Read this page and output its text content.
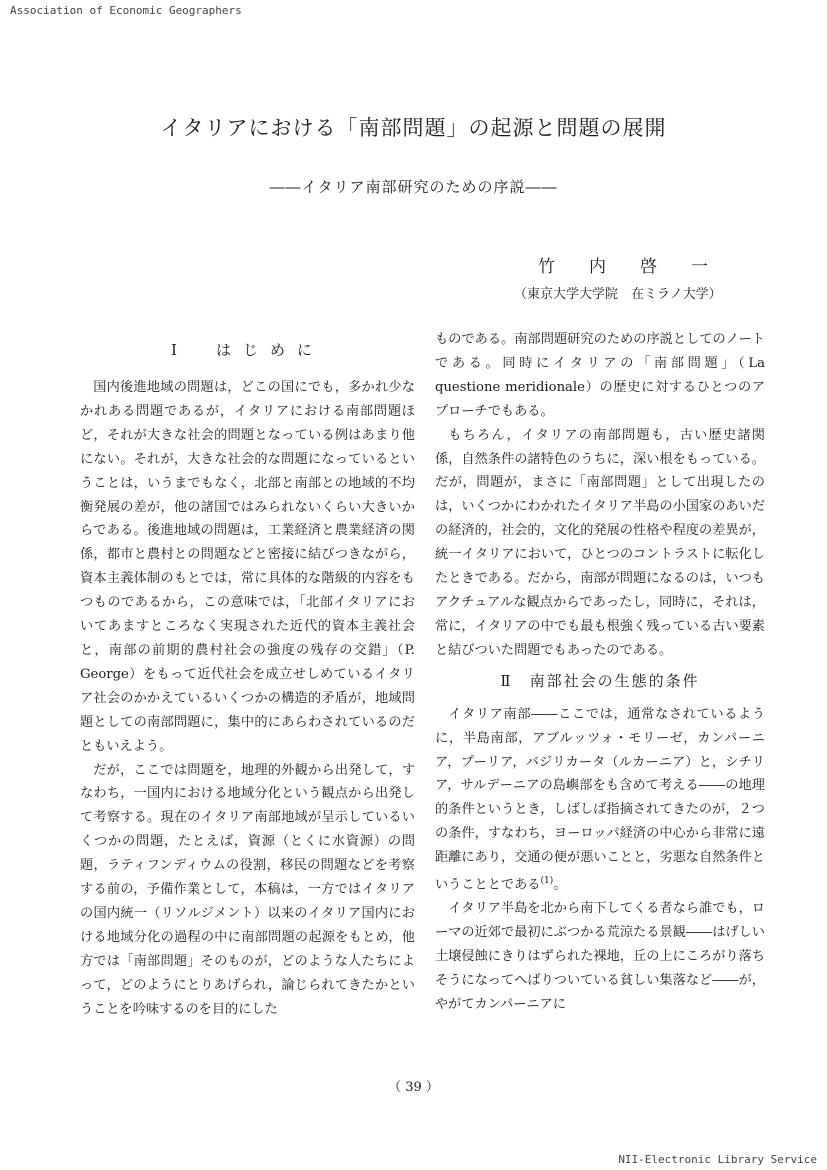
Association of Economic Geographers
イタリアにおける「南部問題」の起源と問題の展開
――イタリア南部研究のための序説――
竹内啓一
（東京大学大学院　在ミラノ大学）
Ⅰ　はじめに

国内後進地域の問題は，どこの国にでも，多かれ少なかれある問題であるが，イタリアにおける南部問題ほど，それが大きな社会的問題となっている例はあまり他にない。それが，大きな社会的な問題になっているということは，いうまでもなく，北部と南部との地域的不均衡発展の差が，他の諸国ではみられないくらい大きいからである。後進地域の問題は，工業経済と農業経済の関係，都市と農村との問題などと密接に結びつきながら，資本主義体制のもとでは，常に具体的な階級的内容をもつものであるから，この意味では，「北部イタリアにおいてあますところなく実現された近代的資本主義社会と，南部の前期的農村社会の強度の残存の交錯」（P. George）をもって近代社会を成立せしめているイタリア社会のかかえているいくつかの構造的矛盾が，地域問題としての南部問題に，集中的にあらわされているのだともいえよう。

だが，ここでは問題を，地理的外観から出発して，すなわち，一国内における地域分化という観点から出発して考察する。現在のイタリア南部地域が呈示しているいくつかの問題，たとえば，資源（とくに水資源）の問題，ラティフンディウムの役割，移民の問題などを考察する前の，予備作業として，本稿は，一方ではイタリアの国内統一（リソルジメント）以来のイタリア国内における地域分化の過程の中に南部問題の起源をもとめ，他方では「南部問題」そのものが，どのような人たちによって，どのようにとりあげられ，論じられてきたかということを吟味するのを目的にした

ものである。南部問題研究のための序説としてのノートである。同時にイタリアの「南部問題」（La questione meridionale）の歴史に対するひとつのアプローチでもある。

もちろん，イタリアの南部問題も，古い歴史諸関係，自然条件の諸特色のうちに，深い根をもっている。だが，問題が，まさに「南部問題」として出現したのは，いくつかにわかれたイタリア半島の小国家のあいだの経済的，社会的，文化的発展の性格や程度の差異が，統一イタリアにおいて，ひとつのコントラストに転化したときである。だから，南部が問題になるのは，いつもアクチュアルな観点からであったし，同時に，それは，常に，イタリアの中でも最も根強く残っている古い要素と結びついた問題でもあったのである。

Ⅱ　南部社会の生態的条件

イタリア南部――ここでは，通常なされているように，半島南部，アブルッツォ・モリーゼ，カンパーニア，プーリア，バジリカータ（ルカーニア）と，シチリア，サルデーニアの島嶼部をも含めて考える――の地理的条件というとき，しばしば指摘されてきたのが，２つの条件，すなわち，ヨーロッパ経済の中心から非常に遠距離にあり，交通の便が悪いことと，劣悪な自然条件ということとである$^{(1)}$。

イタリア半島を北から南下してくる者なら誰でも，ローマの近郊で最初にぶつかる荒涼たる景観――はげしい土壌侵蝕にきりはずられた裸地，丘の上にころがり落ちそうになってへばりついている貧しい集落など――が，やがてカンパーニアに

（ 39 ）
NII-Electronic Library Service
